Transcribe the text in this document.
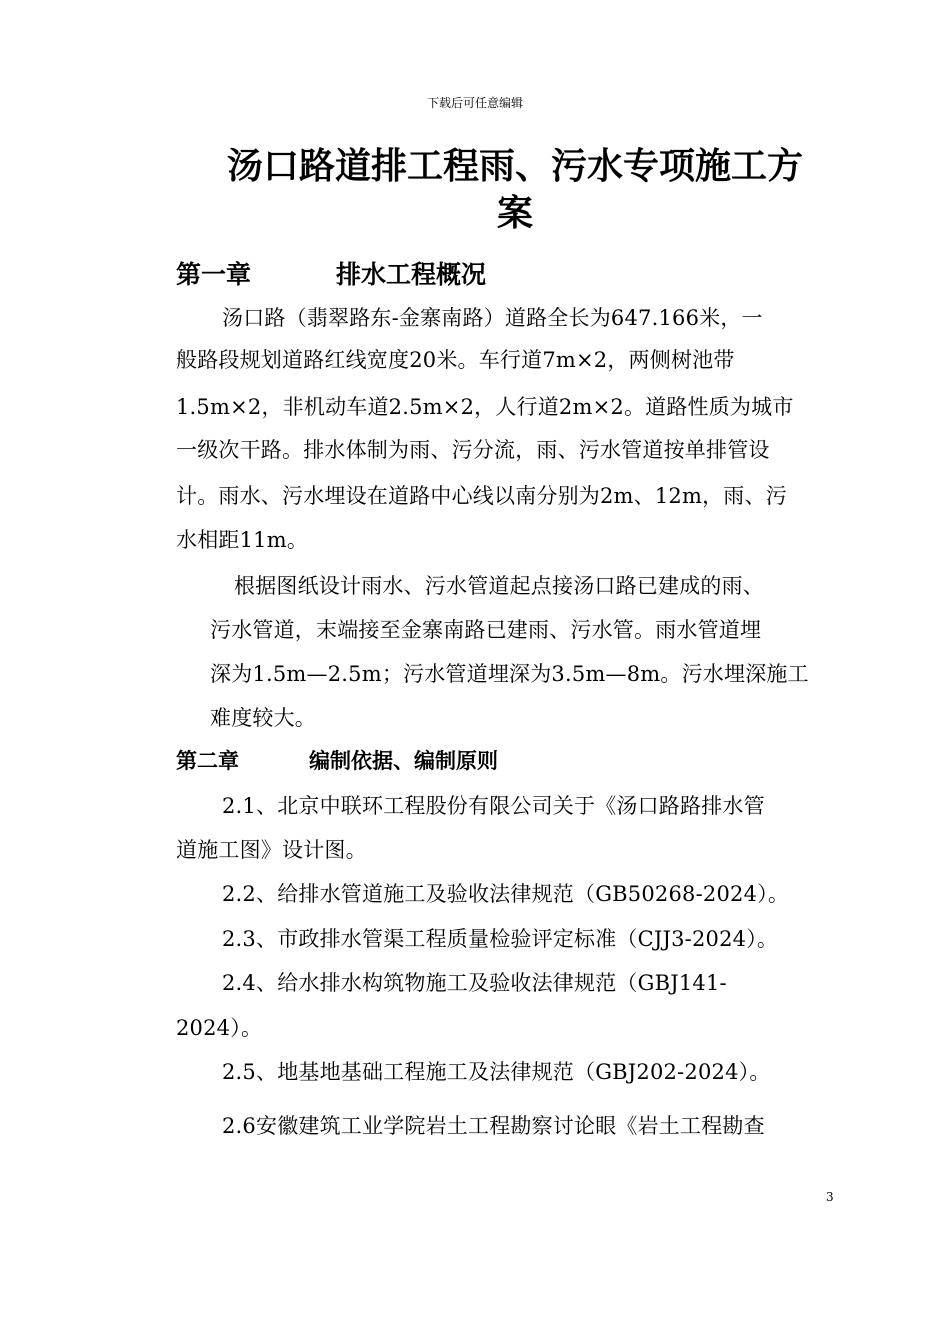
下载后可任意编辑
汤口路道排工程雨、污水专项施工方
案
第一章	排水工程概况
汤口路（翡翠路东-金寨南路）道路全长为647.166米，一
般路段规划道路红线宽度20米。车行道7m×2，两侧树池带
1.5m×2，非机动车道2.5m×2，人行道2m×2。道路性质为城市
一级次干路。排水体制为雨、污分流，雨、污水管道按单排管设
计。雨水、污水埋设在道路中心线以南分别为2m、12m，雨、污
水相距11m。
根据图纸设计雨水、污水管道起点接汤口路已建成的雨、
污水管道，末端接至金寨南路已建雨、污水管。雨水管道埋
深为1.5m—2.5m；污水管道埋深为3.5m—8m。污水埋深施工
难度较大。
第二章	编制依据、编制原则
2.1、北京中联环工程股份有限公司关于《汤口路路排水管
道施工图》设计图。
2.2、给排水管道施工及验收法律规范（GB50268-2024）。
2.3、市政排水管渠工程质量检验评定标准（CJJ3-2024）。
2.4、给水排水构筑物施工及验收法律规范（GBJ141-
2024）。
2.5、地基地基础工程施工及法律规范（GBJ202-2024）。
2.6安徽建筑工业学院岩土工程勘察讨论眼《岩土工程勘查
3
